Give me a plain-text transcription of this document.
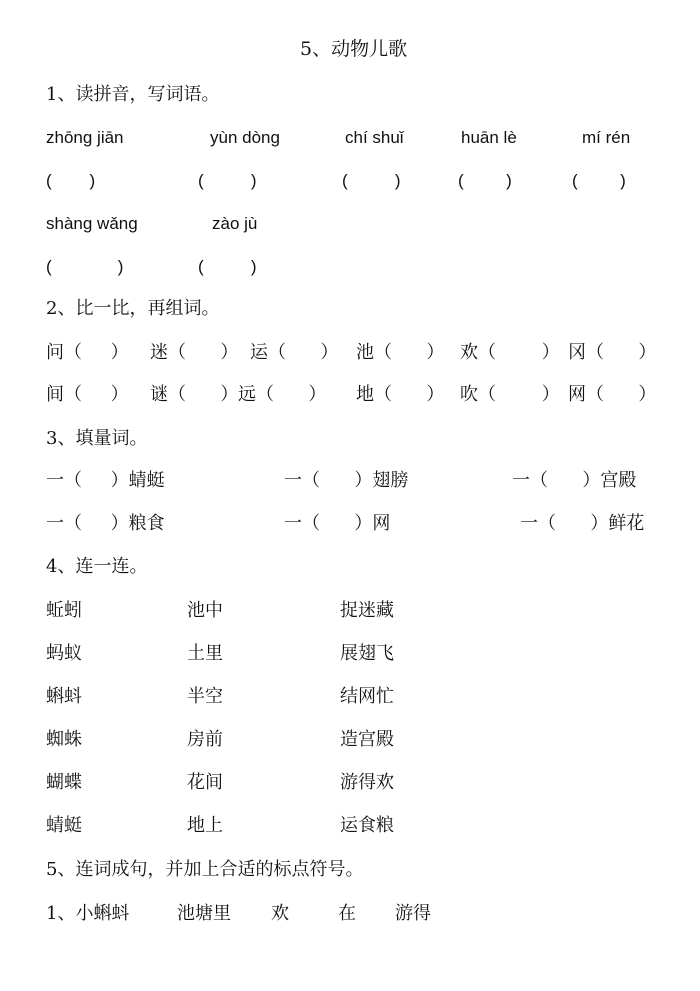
5、动物儿歌
1、读拼音，写词语。
zhōng jiān	yùn dòng	chí shuǐ	huān lè	mí rén
(        )	(          )	(          )	(         )	(         )
shàng wǎng	zào jù
(              )	(          )
2、比一比，再组词。
问（     ） 迷（      ） 运（      ） 池（      ） 欢（        ） 冈（      ）
间（     ） 谜（      ） 远（      ） 地（      ） 吹（        ） 网（      ）
3、填量词。
一（     ）蜻蜓	一（      ）翅膀	一（      ）宫殿
一（     ）粮食	一（      ）网	一（      ）鲜花
4、连一连。
蚯蚓	池中	捉迷藏
蚂蚁	土里	展翅飞
蝌蚪	半空	结网忙
蜘蛛	房前	造宫殿
蝴蝶	花间	游得欢
蜻蜓	地上	运食粮
5、连词成句，并加上合适的标点符号。
1、小蝌蚪	池塘里 欢	在 游得
